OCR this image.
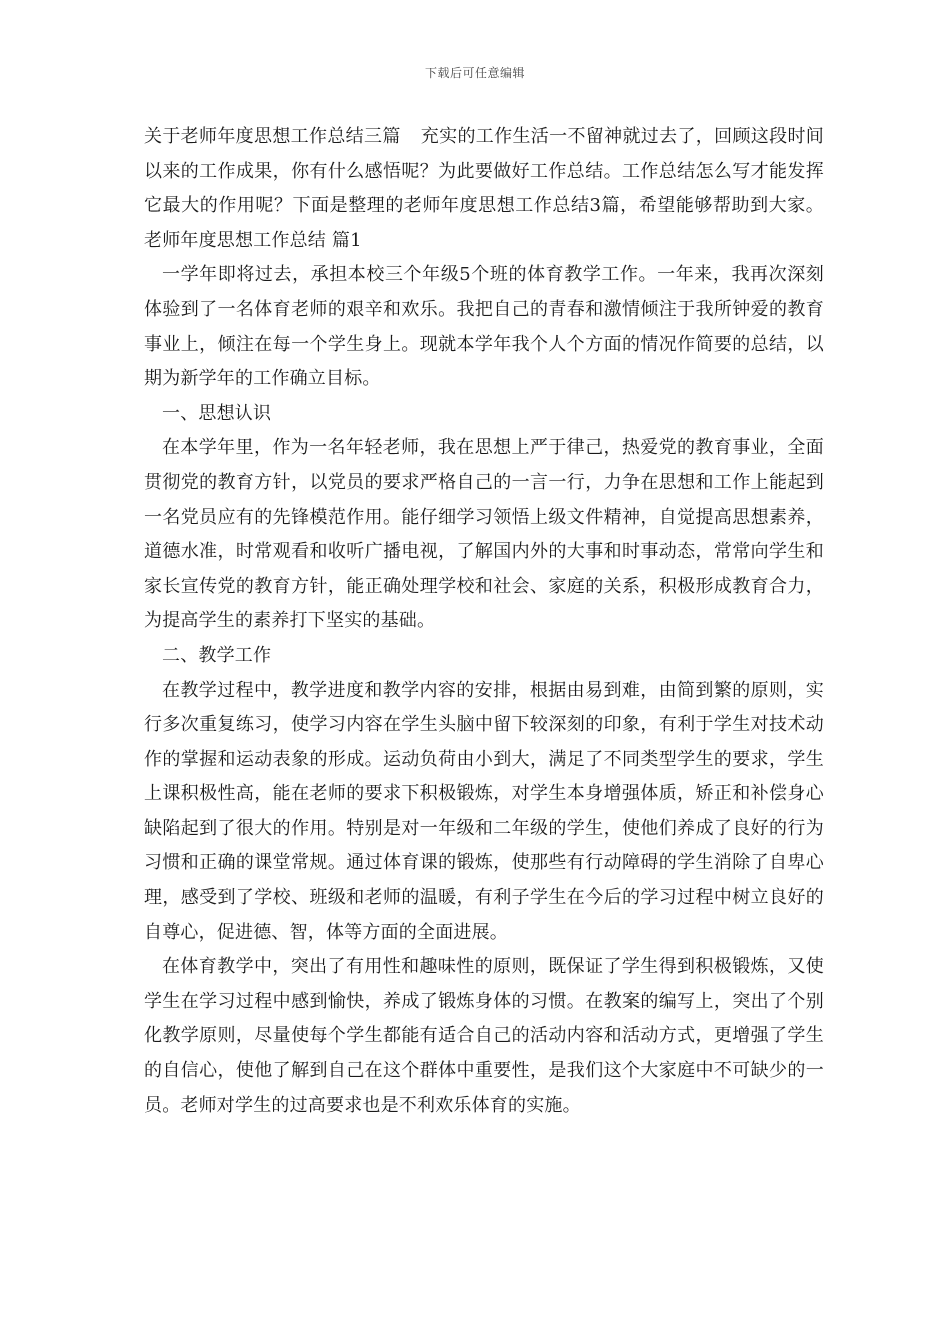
下载后可任意编辑

关于老师年度思想工作总结三篇 充实的工作生活一不留神就过去了，回顾这段时间以来的工作成果，你有什么感悟呢？为此要做好工作总结。工作总结怎么写才能发挥它最大的作用呢？下面是整理的老师年度思想工作总结3篇，希望能够帮助到大家。老师年度思想工作总结 篇1

一学年即将过去，承担本校三个年级5个班的体育教学工作。一年来，我再次深刻体验到了一名体育老师的艰辛和欢乐。我把自己的青春和激情倾注于我所钟爱的教育事业上，倾注在每一个学生身上。现就本学年我个人个方面的情况作简要的总结，以期为新学年的工作确立目标。

一、思想认识

在本学年里，作为一名年轻老师，我在思想上严于律己，热爱党的教育事业，全面贯彻党的教育方针，以党员的要求严格自己的一言一行，力争在思想和工作上能起到一名党员应有的先锋模范作用。能仔细学习领悟上级文件精神，自觉提高思想素养，道德水准，时常观看和收听广播电视，了解国内外的大事和时事动态，常常向学生和家长宣传党的教育方针，能正确处理学校和社会、家庭的关系，积极形成教育合力，为提高学生的素养打下坚实的基础。

二、教学工作

在教学过程中，教学进度和教学内容的安排，根据由易到难，由简到繁的原则，实行多次重复练习，使学习内容在学生头脑中留下较深刻的印象，有利于学生对技术动作的掌握和运动表象的形成。运动负荷由小到大，满足了不同类型学生的要求，学生上课积极性高，能在老师的要求下积极锻炼，对学生本身增强体质，矫正和补偿身心缺陷起到了很大的作用。特别是对一年级和二年级的学生，使他们养成了良好的行为习惯和正确的课堂常规。通过体育课的锻炼，使那些有行动障碍的学生消除了自卑心理，感受到了学校、班级和老师的温暖，有利子学生在今后的学习过程中树立良好的自尊心，促进德、智，体等方面的全面进展。

在体育教学中，突出了有用性和趣味性的原则，既保证了学生得到积极锻炼，又使学生在学习过程中感到愉快，养成了锻炼身体的习惯。在教案的编写上，突出了个别化教学原则，尽量使每个学生都能有适合自己的活动内容和活动方式，更增强了学生的自信心，使他了解到自己在这个群体中重要性，是我们这个大家庭中不可缺少的一员。老师对学生的过高要求也是不利欢乐体育的实施。
